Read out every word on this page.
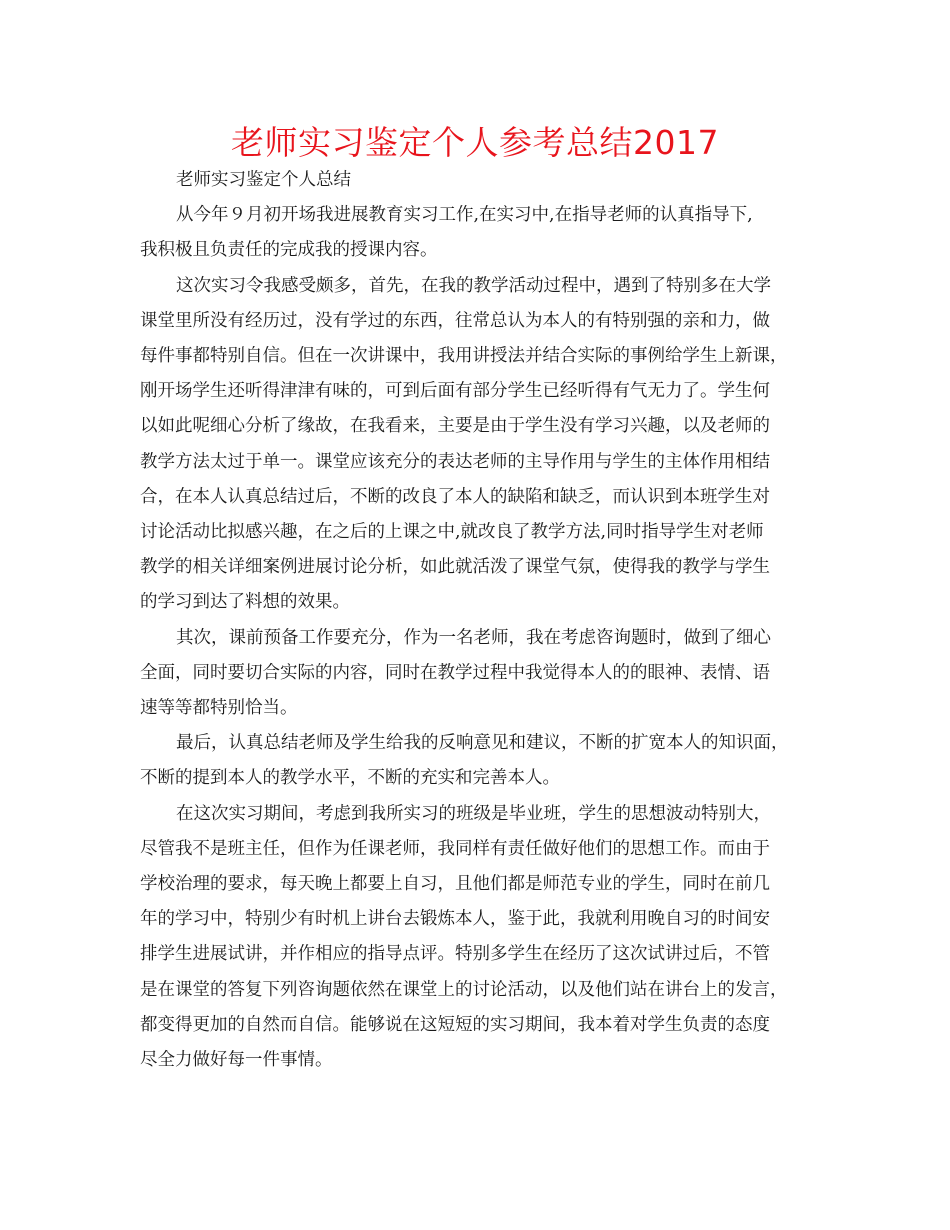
老师实习鉴定个人参考总结2017
老师实习鉴定个人总结
从今年９月初开场我进展教育实习工作,在实习中,在指导老师的认真指导下,
我积极且负责任的完成我的授课内容。
这次实习令我感受颇多，首先，在我的教学活动过程中，遇到了特别多在大学
课堂里所没有经历过，没有学过的东西，往常总认为本人的有特别强的亲和力，做
每件事都特别自信。但在一次讲课中，我用讲授法并结合实际的事例给学生上新课，
刚开场学生还听得津津有味的，可到后面有部分学生已经听得有气无力了。学生何
以如此呢细心分析了缘故，在我看来，主要是由于学生没有学习兴趣，以及老师的
教学方法太过于单一。课堂应该充分的表达老师的主导作用与学生的主体作用相结
合，在本人认真总结过后，不断的改良了本人的缺陷和缺乏，而认识到本班学生对
讨论活动比拟感兴趣，在之后的上课之中,就改良了教学方法,同时指导学生对老师
教学的相关详细案例进展讨论分析，如此就活泼了课堂气氛，使得我的教学与学生
的学习到达了料想的效果。
其次，课前预备工作要充分，作为一名老师，我在考虑咨询题时，做到了细心
全面，同时要切合实际的内容，同时在教学过程中我觉得本人的的眼神、表情、语
速等等都特别恰当。
最后，认真总结老师及学生给我的反响意见和建议，不断的扩宽本人的知识面，
不断的提到本人的教学水平，不断的充实和完善本人。
在这次实习期间，考虑到我所实习的班级是毕业班，学生的思想波动特别大，
尽管我不是班主任，但作为任课老师，我同样有责任做好他们的思想工作。而由于
学校治理的要求，每天晚上都要上自习，且他们都是师范专业的学生，同时在前几
年的学习中，特别少有时机上讲台去锻炼本人，鉴于此，我就利用晚自习的时间安
排学生进展试讲，并作相应的指导点评。特别多学生在经历了这次试讲过后，不管
是在课堂的答复下列咨询题依然在课堂上的讨论活动，以及他们站在讲台上的发言，
都变得更加的自然而自信。能够说在这短短的实习期间，我本着对学生负责的态度
尽全力做好每一件事情。
